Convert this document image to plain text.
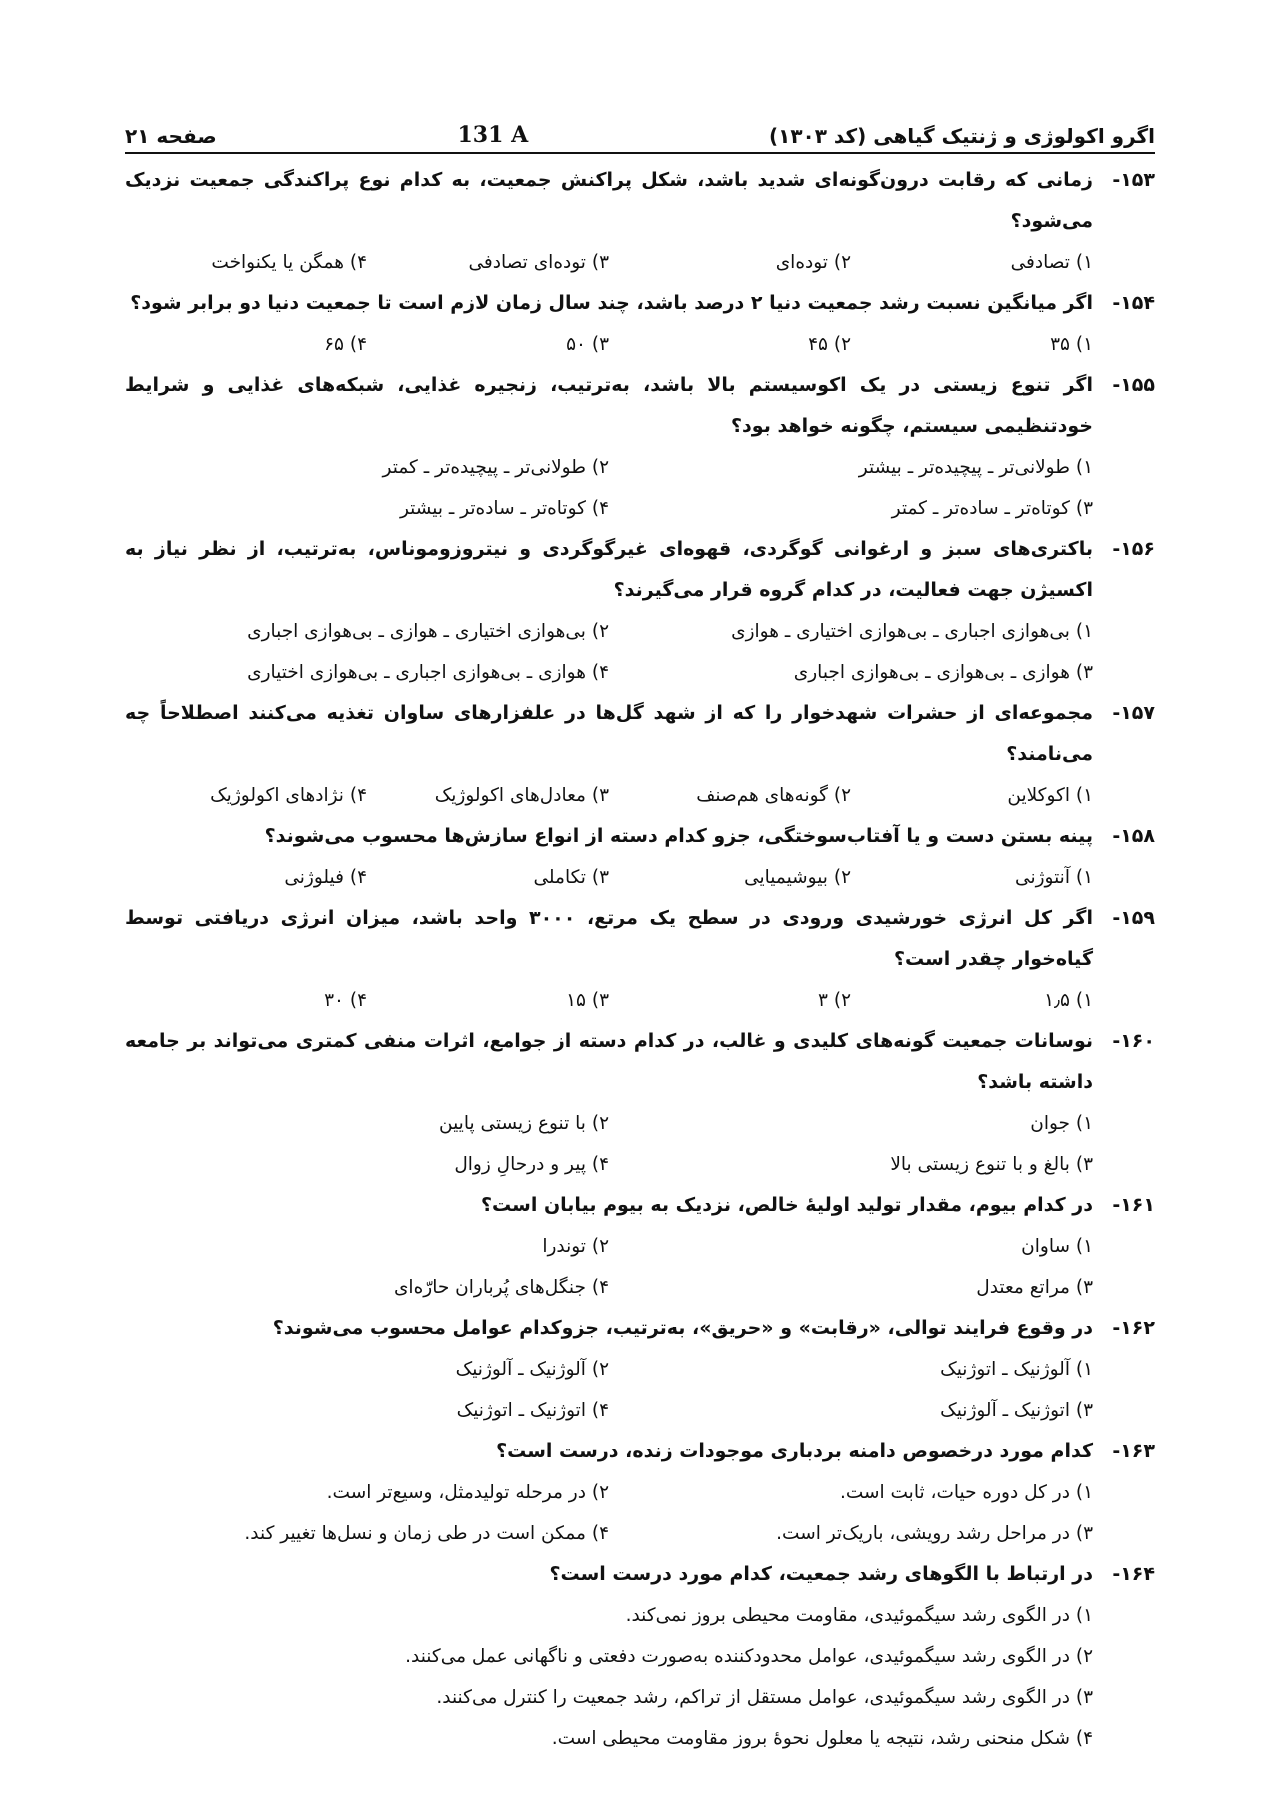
اگرو اکولوژی و ژنتیک گیاهی (کد ۱۳۰۳)
131 A
صفحه ۲۱
۱۵۳-
زمانی که رقابت درون‌گونه‌ای شدید باشد، شکل پراکنش جمعیت، به کدام نوع پراکندگی جمعیت نزدیک می‌شود؟
۱) تصادفی
۲) توده‌ای
۳) توده‌ای تصادفی
۴) همگن یا یکنواخت
۱۵۴-
اگر میانگین نسبت رشد جمعیت دنیا ۲ درصد باشد، چند سال زمان لازم است تا جمعیت دنیا دو برابر شود؟
۱) ۳۵
۲) ۴۵
۳) ۵۰
۴) ۶۵
۱۵۵-
اگر تنوع زیستی در یک اکوسیستم بالا باشد، به‌ترتیب، زنجیره غذایی، شبکه‌های غذایی و شرایط خودتنظیمی سیستم، چگونه خواهد بود؟
۱) طولانی‌تر ـ پیچیده‌تر ـ بیشتر
۲) طولانی‌تر ـ پیچیده‌تر ـ کمتر
۳) کوتاه‌تر ـ ساده‌تر ـ کمتر
۴) کوتاه‌تر ـ ساده‌تر ـ بیشتر
۱۵۶-
باکتری‌های سبز و ارغوانی گوگردی، قهوه‌ای غیرگوگردی و نیتروزوموناس، به‌ترتیب، از نظر نیاز به اکسیژن جهت فعالیت، در کدام گروه قرار می‌گیرند؟
۱) بی‌هوازی اجباری ـ بی‌هوازی اختیاری ـ هوازی
۲) بی‌هوازی اختیاری ـ هوازی ـ بی‌هوازی اجباری
۳) هوازی ـ بی‌هوازی ـ بی‌هوازی اجباری
۴) هوازی ـ بی‌هوازی اجباری ـ بی‌هوازی اختیاری
۱۵۷-
مجموعه‌ای از حشرات شهدخوار را که از شهد گل‌ها در علفزارهای ساوان تغذیه می‌کنند اصطلاحاً چه می‌نامند؟
۱) اکوکلاین
۲) گونه‌های هم‌صنف
۳) معادل‌های اکولوژیک
۴) نژادهای اکولوژیک
۱۵۸-
پینه بستن دست و یا آفتاب‌سوختگی، جزو کدام دسته از انواع سازش‌ها محسوب می‌شوند؟
۱) آنتوژنی
۲) بیوشیمیایی
۳) تکاملی
۴) فیلوژنی
۱۵۹-
اگر کل انرژی خورشیدی ورودی در سطح یک مرتع، ۳۰۰۰ واحد باشد، میزان انرژی دریافتی توسط گیاه‌خوار چقدر است؟
۱) ۱٫۵
۲) ۳
۳) ۱۵
۴) ۳۰
۱۶۰-
نوسانات جمعیت گونه‌های کلیدی و غالب، در کدام دسته از جوامع، اثرات منفی کمتری می‌تواند بر جامعه داشته باشد؟
۱) جوان
۲) با تنوع زیستی پایین
۳) بالغ و با تنوع زیستی بالا
۴) پیر و درحالِ زوال
۱۶۱-
در کدام بیوم، مقدار تولید اولیهٔ خالص، نزدیک به بیوم بیابان است؟
۱) ساوان
۲) توندرا
۳) مراتع معتدل
۴) جنگل‌های پُرباران حارّه‌ای
۱۶۲-
در وقوع فرایند توالی، «رقابت» و «حریق»، به‌ترتیب، جزوکدام عوامل محسوب می‌شوند؟
۱) آلوژنیک ـ اتوژنیک
۲) آلوژنیک ـ آلوژنیک
۳) اتوژنیک ـ آلوژنیک
۴) اتوژنیک ـ اتوژنیک
۱۶۳-
کدام مورد درخصوص دامنه بردباری موجودات زنده، درست است؟
۱) در کل دوره حیات، ثابت است.
۲) در مرحله تولیدمثل، وسیع‌تر است.
۳) در مراحل رشد رویشی، باریک‌تر است.
۴) ممکن است در طی زمان و نسل‌ها تغییر کند.
۱۶۴-
در ارتباط با الگوهای رشد جمعیت، کدام مورد درست است؟
۱) در الگوی رشد سیگموئیدی، مقاومت محیطی بروز نمی‌کند.
۲) در الگوی رشد سیگموئیدی، عوامل محدودکننده به‌صورت دفعتی و ناگهانی عمل می‌کنند.
۳) در الگوی رشد سیگموئیدی، عوامل مستقل از تراکم، رشد جمعیت را کنترل می‌کنند.
۴) شکل منحنی رشد، نتیجه یا معلول نحوهٔ بروز مقاومت محیطی است.
